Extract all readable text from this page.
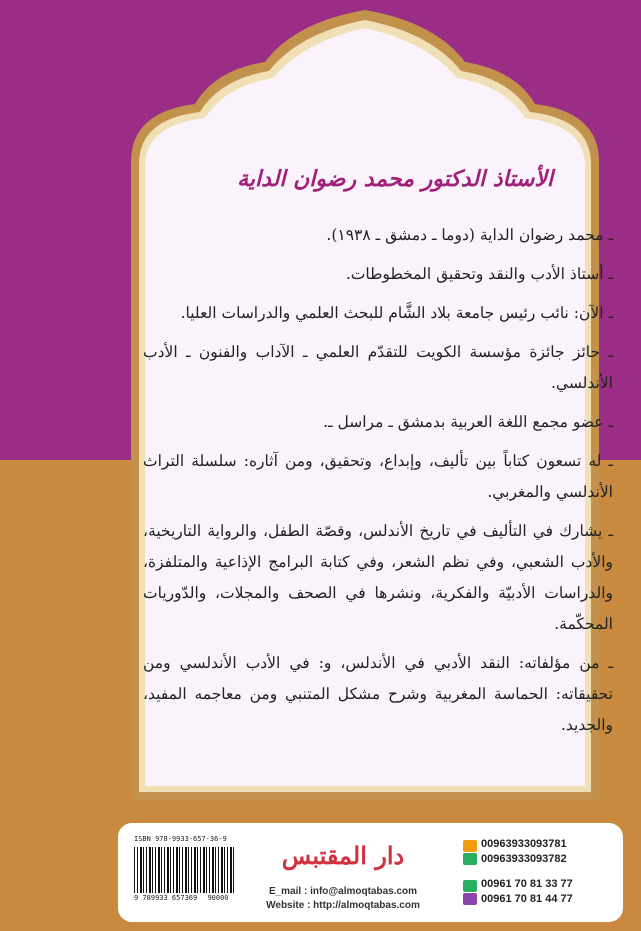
الأستاذ الدكتور محمد رضوان الداية

ـ محمد رضوان الداية (دوما ـ دمشق ـ ١٩٣٨).

ـ أستاذ الأدب والنقد وتحقيق المخطوطات.

ـ الآن: نائب رئيس جامعة بلاد الشَّام للبحث العلمي والدراسات العليا.

ـ حائز جائزة مؤسسة الكويت للتقدّم العلمي ـ الآداب والفنون ـ الأدب الأندلسي.

ـ عضو مجمع اللغة العربية بدمشق ـ مراسل ـ.

ـ له تسعون كتاباً بين تأليف، وإبداع، وتحقيق، ومن آثاره: سلسلة التراث الأندلسي والمغربي.

ـ يشارك في التأليف في تاريخ الأندلس، وقصّة الطفل، والرواية التاريخية، والأدب الشعبي، وفي نظم الشعر، وفي كتابة البرامج الإذاعية والمتلفزة، والدراسات الأدبيّة والفكرية، ونشرها في الصحف والمجلات، والدّوريات المحكّمة.

ـ من مؤلفاته: النقد الأدبي في الأندلس، و: في الأدب الأندلسي ومن تحقيقاته: الحماسة المغربية وشرح مشكل المتنبي ومن معاجمه المفيد، والجديد.

ISBN 978-9933-657-36-9
9 789933 657369 90000
دار المقتبس
E_mail : info@almoqtabas.com
Website : http://almoqtabas.com
00963933093781
00963933093782
00961 70 81 33 77
00961 70 81 44 77
